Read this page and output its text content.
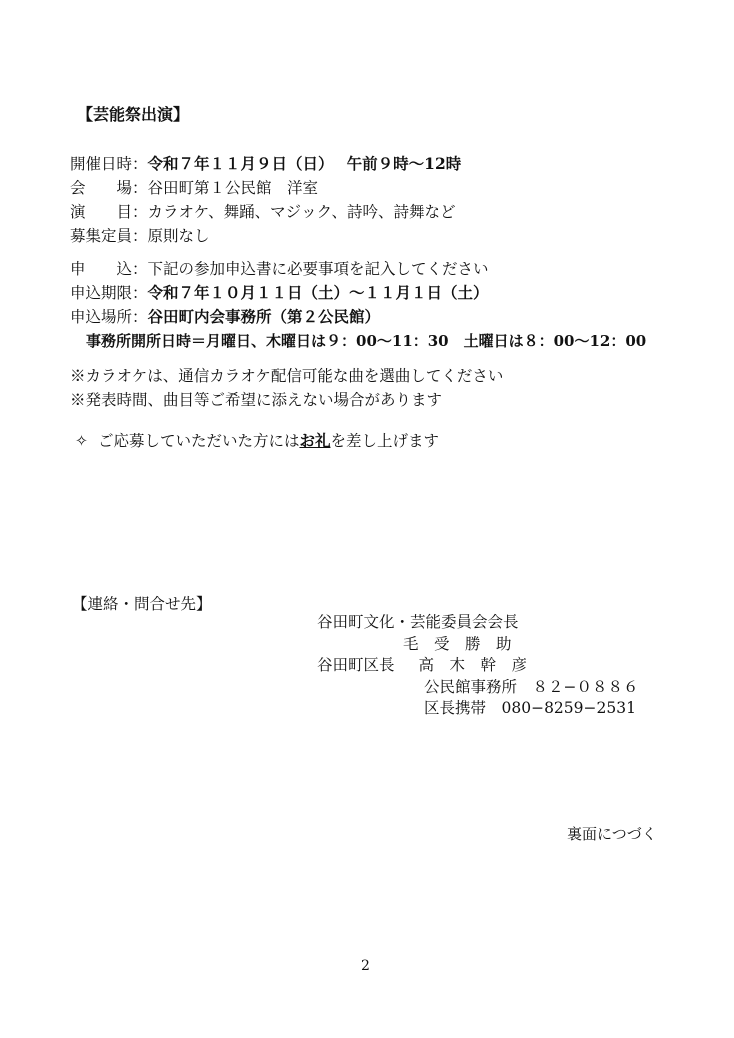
【芸能祭出演】
開催日時：令和７年１１月９日（日）　 午前９時〜12時
会　　場：谷田町第１公民館　洋室
演　　目：カラオケ、舞踊、マジック、詩吟、詩舞など
募集定員：原則なし
申　　込：下記の参加申込書に必要事項を記入してください
申込期限：令和７年１０月１１日（土）〜１１月１日（土）
申込場所：谷田町内会事務所（第２公民館）
事務所開所日時＝月曜日、木曜日は９：00〜11：30　土曜日は８：00〜12：00
※カラオケは、通信カラオケ配信可能な曲を選曲してください
※発表時間、曲目等ご希望に添えない場合があります
✧ ご応募していただいた方にはお礼を差し上げます
【連絡・問合せ先】
谷田町文化・芸能委員会会長
毛　受　勝　助
谷田町区長 高　木　幹　彦
公民館事務所　８２−０８８６
区長携帯　080−8259−2531
裏面につづく
2
